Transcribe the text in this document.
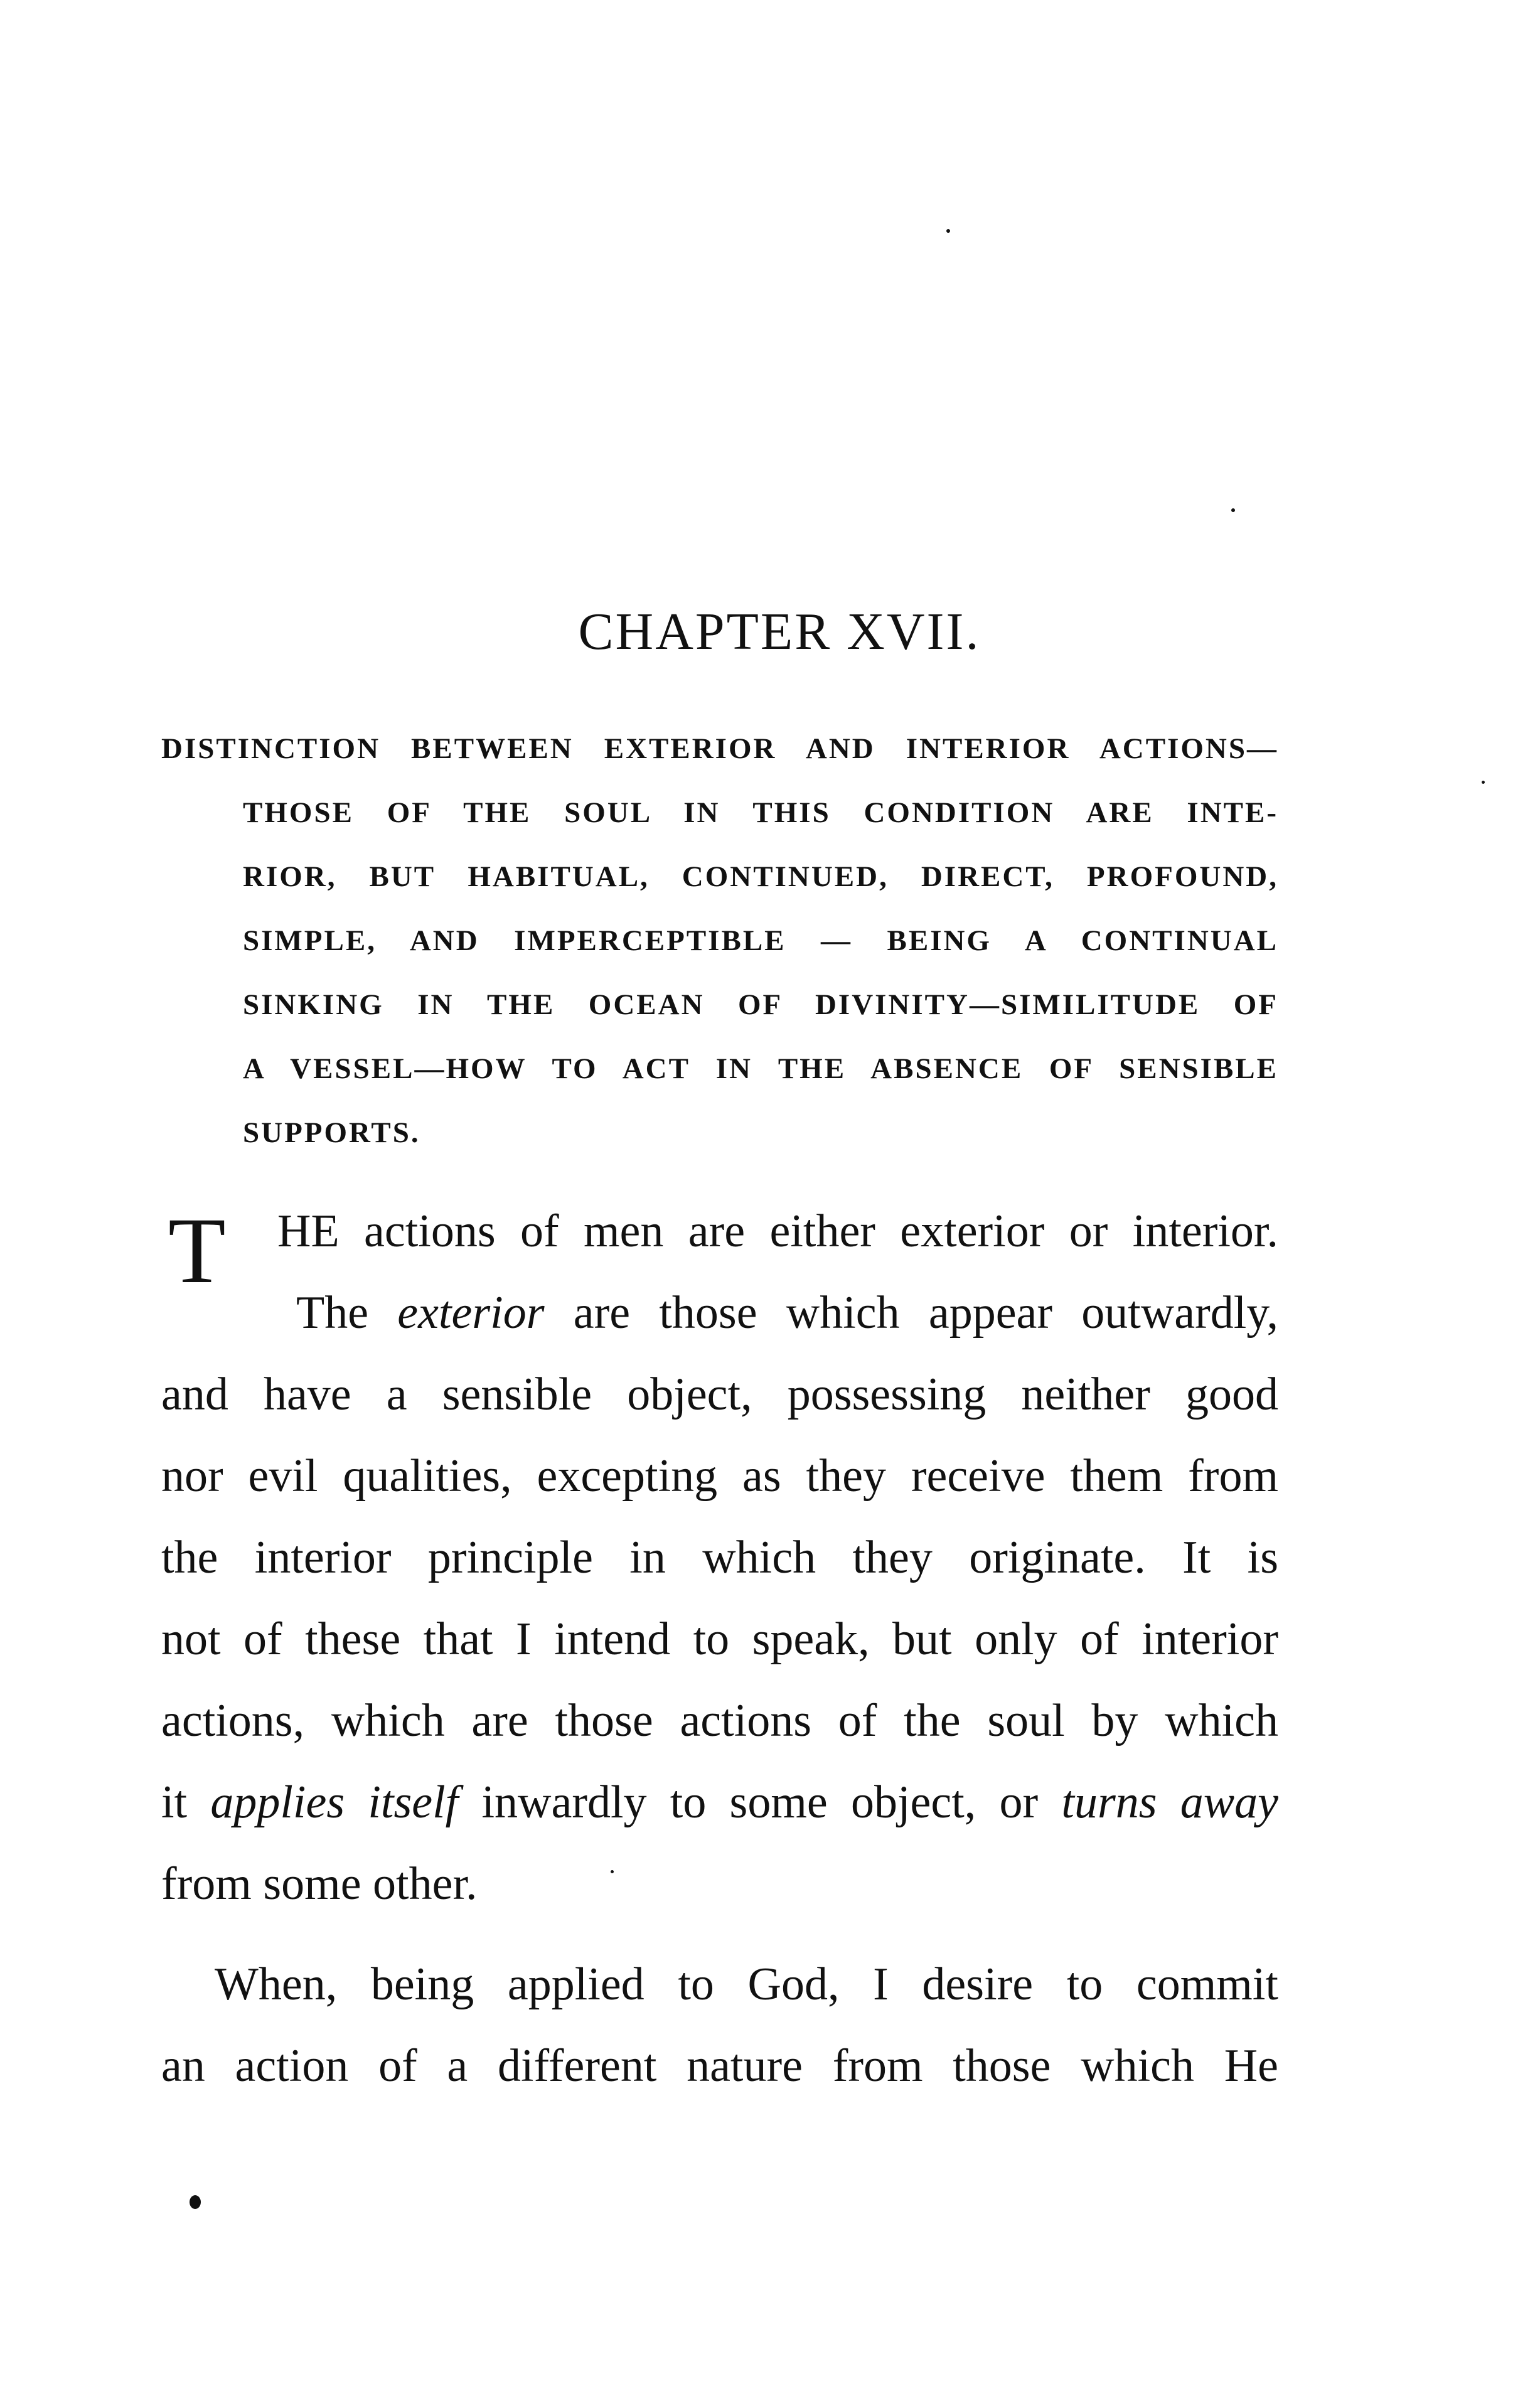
CHAPTER XVII.
DISTINCTION BETWEEN EXTERIOR AND INTERIOR ACTIONS—
THOSE OF THE SOUL IN THIS CONDITION ARE INTE-
RIOR, BUT HABITUAL, CONTINUED, DIRECT, PROFOUND,
SIMPLE, AND IMPERCEPTIBLE — BEING A CONTINUAL
SINKING IN THE OCEAN OF DIVINITY—SIMILITUDE OF
A VESSEL—HOW TO ACT IN THE ABSENCE OF SENSIBLE
SUPPORTS.
T HE actions of men are either exterior or interior.
The exterior are those which appear outwardly,
and have a sensible object, possessing neither good
nor evil qualities, excepting as they receive them from
the interior principle in which they originate. It is
not of these that I intend to speak, but only of interior
actions, which are those actions of the soul by which
it applies itself inwardly to some object, or turns away
from some other.
When, being applied to God, I desire to commit
an action of a different nature from those which He
